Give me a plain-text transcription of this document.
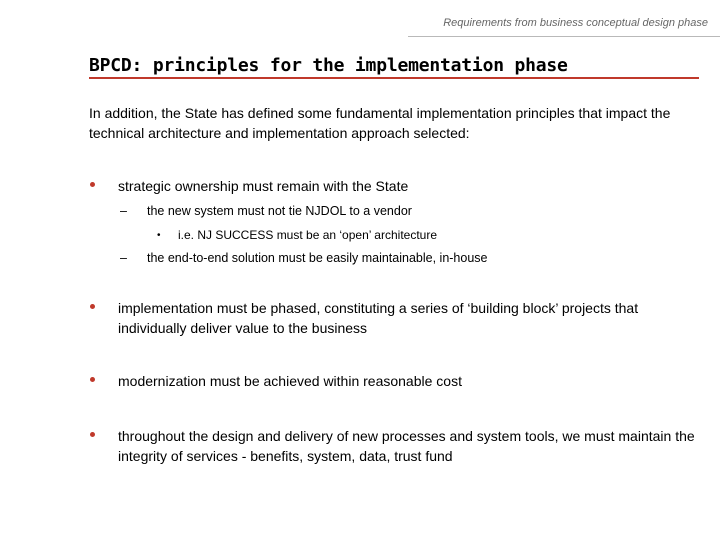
Requirements from business conceptual design phase
BPCD: principles for the implementation phase
In addition, the State has defined some fundamental implementation principles that impact the technical architecture and implementation approach selected:
strategic ownership must remain with the State
– the new system must not tie NJDOL to a vendor
• i.e. NJ SUCCESS must be an ‘open’ architecture
– the end-to-end solution must be easily maintainable, in-house
implementation must be phased, constituting a series of ‘building block’ projects that individually deliver value to the business
modernization must be achieved within reasonable cost
throughout the design and delivery of new processes and system tools, we must maintain the integrity of services - benefits, system, data, trust fund
